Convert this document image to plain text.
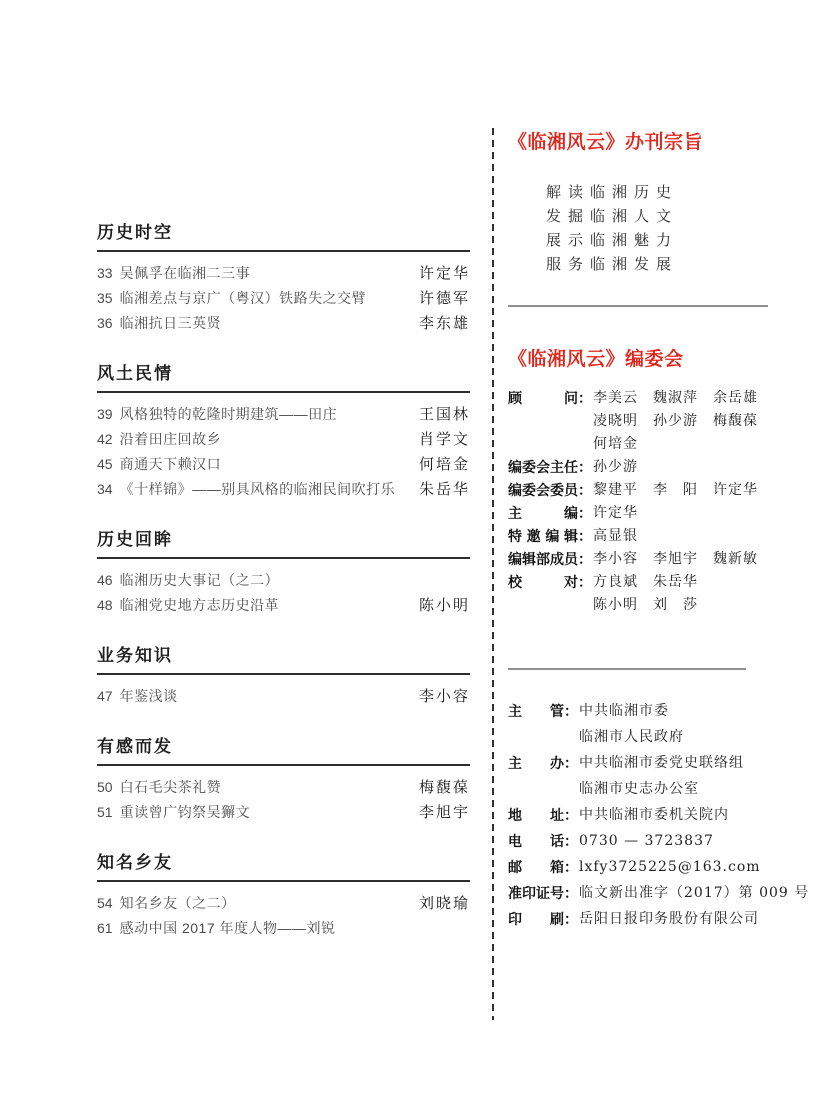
历史时空
33 吴佩孚在临湘二三事	许定华
35 临湘差点与京广（粤汉）铁路失之交臂	许德军
36 临湘抗日三英贤	李东雄
风土民情
39 风格独特的乾隆时期建筑——田庄	王国林
42 沿着田庄回故乡	肖学文
45 商通天下赖汉口	何培金
34 《十样锦》——别具风格的临湘民间吹打乐	朱岳华
历史回眸
46 临湘历史大事记（之二）
48 临湘党史地方志历史沿革	陈小明
业务知识
47 年鉴浅谈	李小容
有感而发
50 白石毛尖茶礼赞	梅馥葆
51 重读曾广钧祭吴獬文	李旭宇
知名乡友
54 知名乡友（之二）	刘晓瑜
61 感动中国 2017 年度人物——刘锐
《临湘风云》办刊宗旨
解读临湘历史
发掘临湘人文
展示临湘魅力
服务临湘发展
《临湘风云》编委会
顾问 ： 李美云　魏淑萍　余岳雄
凌晓明　孙少游　梅馥葆
何培金
编委会主任 ： 孙少游
编委会委员 ： 黎建平　李　阳　许定华
主编 ： 许定华
特邀编辑 ： 高显银
编辑部成员 ： 李小容　李旭宇　魏新敏
校对 ： 方良斌　朱岳华
陈小明　刘　莎
主管 ： 中共临湘市委
临湘市人民政府
主办 ： 中共临湘市委党史联络组
临湘市史志办公室
地址 ： 中共临湘市委机关院内
电话 ： 0730 — 3723837
邮箱 ： lxfy3725225@163.com
准印证号 ： 临文新出准字（2017）第 009 号
印刷 ： 岳阳日报印务股份有限公司
